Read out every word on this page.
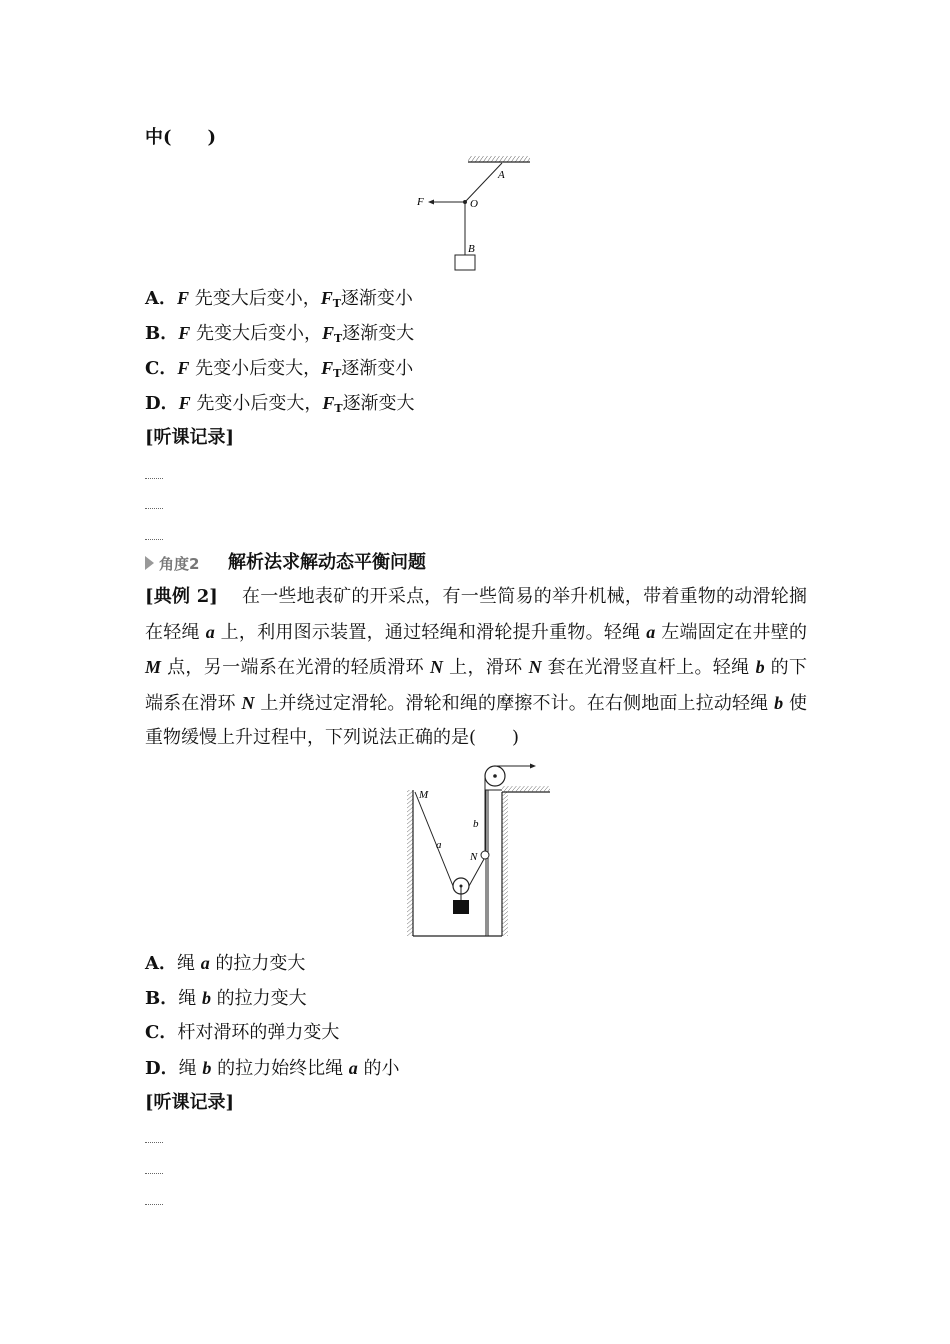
中(　　)
A
O
F
B
A．F 先变大后变小，$F_T$逐渐变小
B．F 先变大后变小，$F_T$逐渐变大
C．F 先变小后变大，$F_T$逐渐变小
D．F 先变小后变大，$F_T$逐渐变大
[听课记录]
角度2 解析法求解动态平衡问题
[典例 2] 　在一些地表矿的开采点，有一些简易的举升机械，带着重物的动滑轮搁在轻绳 a 上，利用图示装置，通过轻绳和滑轮提升重物。轻绳 a 左端固定在井壁的 M 点，另一端系在光滑的轻质滑环 N 上，滑环 N 套在光滑竖直杆上。轻绳 b 的下端系在滑环 N 上并绕过定滑轮。滑轮和绳的摩擦不计。在右侧地面上拉动轻绳 b 使重物缓慢上升过程中，下列说法正确的是(　　)
M
a
b
N
A．绳 a 的拉力变大
B．绳 b 的拉力变大
C．杆对滑环的弹力变大
D．绳 b 的拉力始终比绳 a 的小
[听课记录]
